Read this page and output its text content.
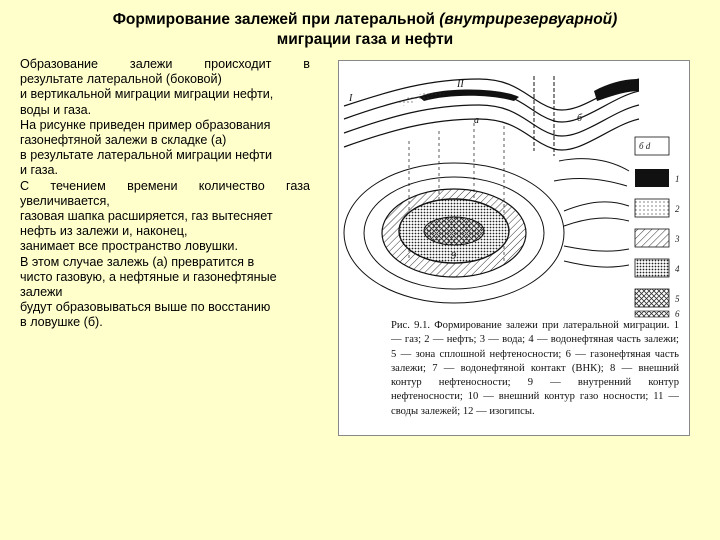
Формирование залежей при латеральной (внутрирезервуарной)
миграции газа и нефти

Образование залежи происходит в

результате латеральной (боковой)

и вертикальной миграции миграции нефти,

воды и газа.

На рисунке приведен пример образования

газонефтяной залежи в складке (а)

в результате латеральной миграции нефти

и газа.

С течением времени количество газа

увеличивается,

газовая шапка расширяется, газ вытесняет

нефть из залежи и, наконец,

занимает все пространство ловушки.

В этом случае залежь (а) превратится в

чисто газовую, а нефтяные и газонефтяные

залежи

будут образовываться выше по восстанию

в ловушке (б).

I
II
а	б
9
б d
1
2
3
4
5
6
Рис. 9.1. Формирование залежи при латеральной миграции. 1 — газ; 2 — нефть; 3 — вода; 4 — водонефтяная часть залежи; 5 — зона сплошной нефтеносности; 6 — газонефтяная часть залежи; 7 — водонефтяной контакт (ВНК); 8 — внешний контур нефтеносности; 9 — внутренний контур нефтеносности; 10 — внешний контур газо носности; 11 — своды залежей; 12 — изогипсы.
